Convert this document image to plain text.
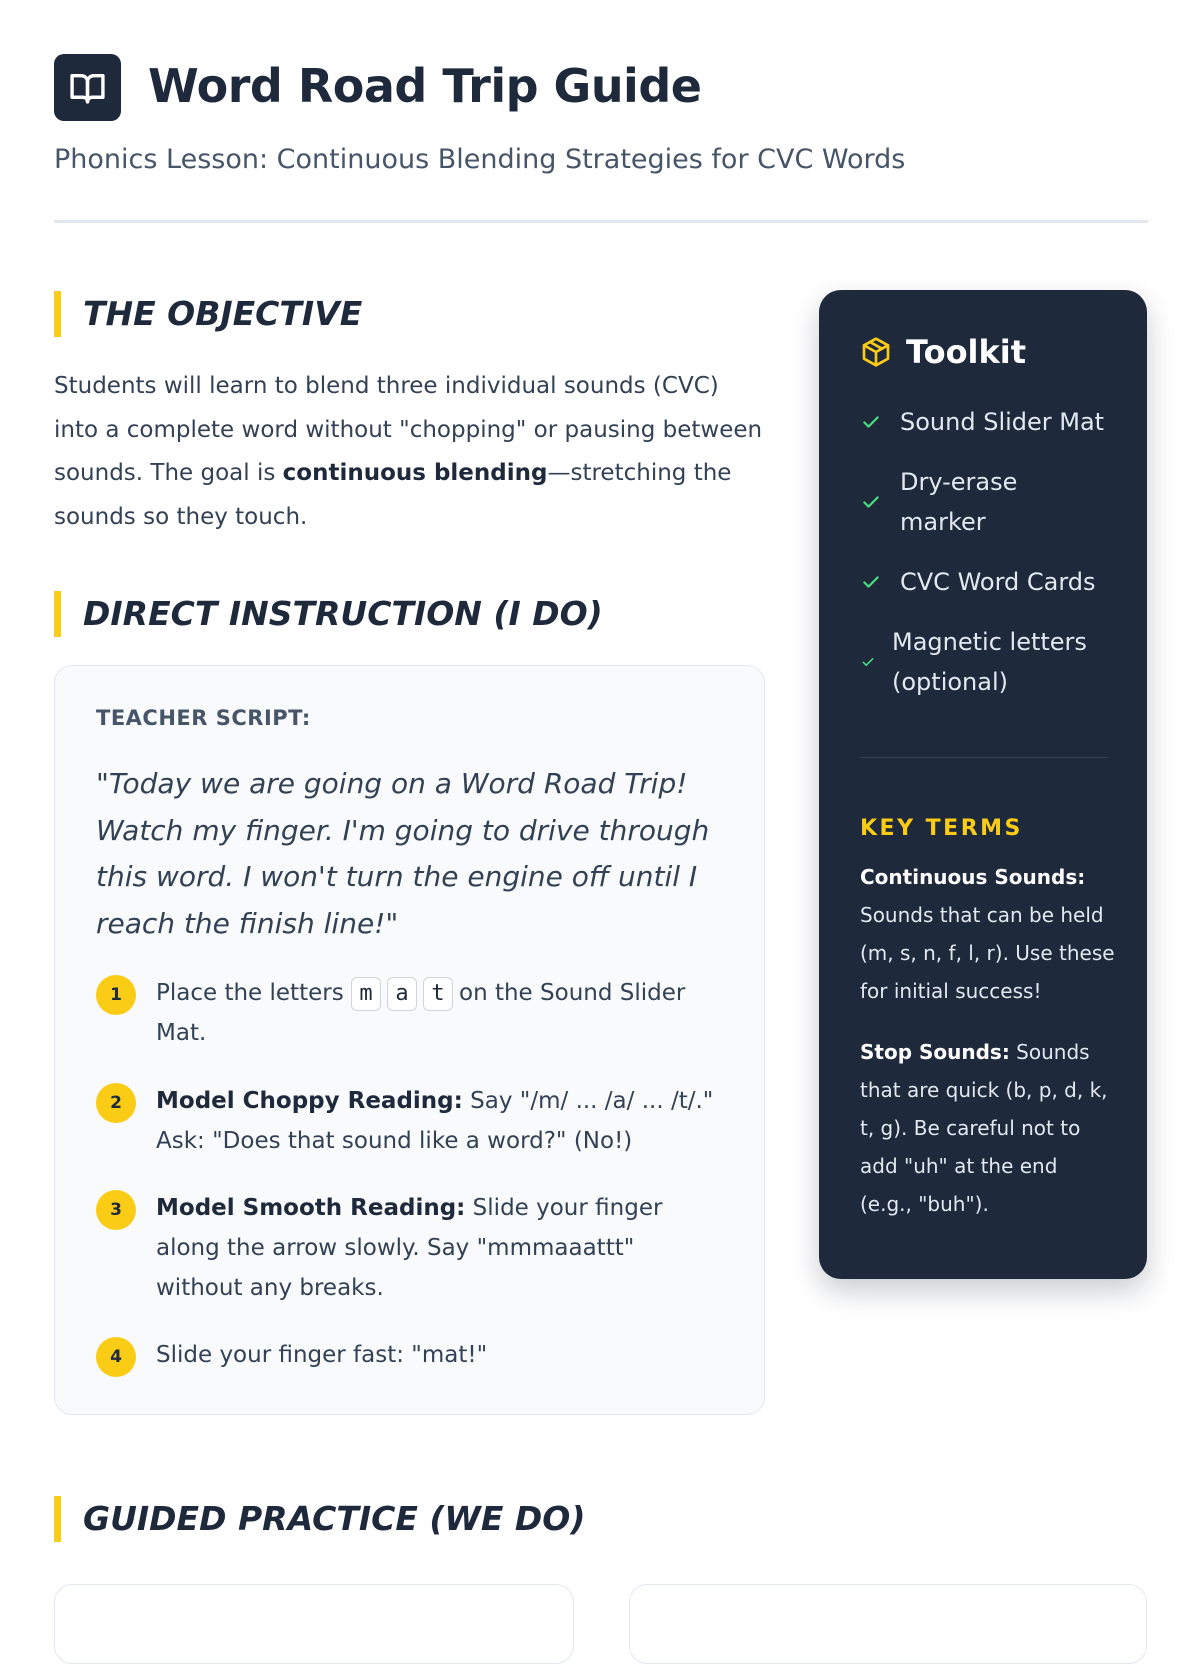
Word Road Trip Guide
Phonics Lesson: Continuous Blending Strategies for CVC Words
THE OBJECTIVE
Students will learn to blend three individual sounds (CVC) into a complete word without "chopping" or pausing between sounds. The goal is continuous blending—stretching the sounds so they touch.
DIRECT INSTRUCTION (I DO)
TEACHER SCRIPT:
"Today we are going on a Word Road Trip! Watch my finger. I'm going to drive through this word. I won't turn the engine off until I reach the finish line!"
1	Place the letters m a t on the Sound Slider Mat.
2	Model Choppy Reading: Say "/m/ ... /a/ ... /t/." Ask: "Does that sound like a word?" (No!)
3	Model Smooth Reading: Slide your finger along the arrow slowly. Say "mmmaaattt" without any breaks.
4	Slide your finger fast: "mat!"
GUIDED PRACTICE (WE DO)
Toolkit
Sound Slider Mat
Dry-erase marker
CVC Word Cards
Magnetic letters (optional)
KEY TERMS
Continuous Sounds: Sounds that can be held (m, s, n, f, l, r). Use these for initial success!
Stop Sounds: Sounds that are quick (b, p, d, k, t, g). Be careful not to add "uh" at the end (e.g., "buh").
